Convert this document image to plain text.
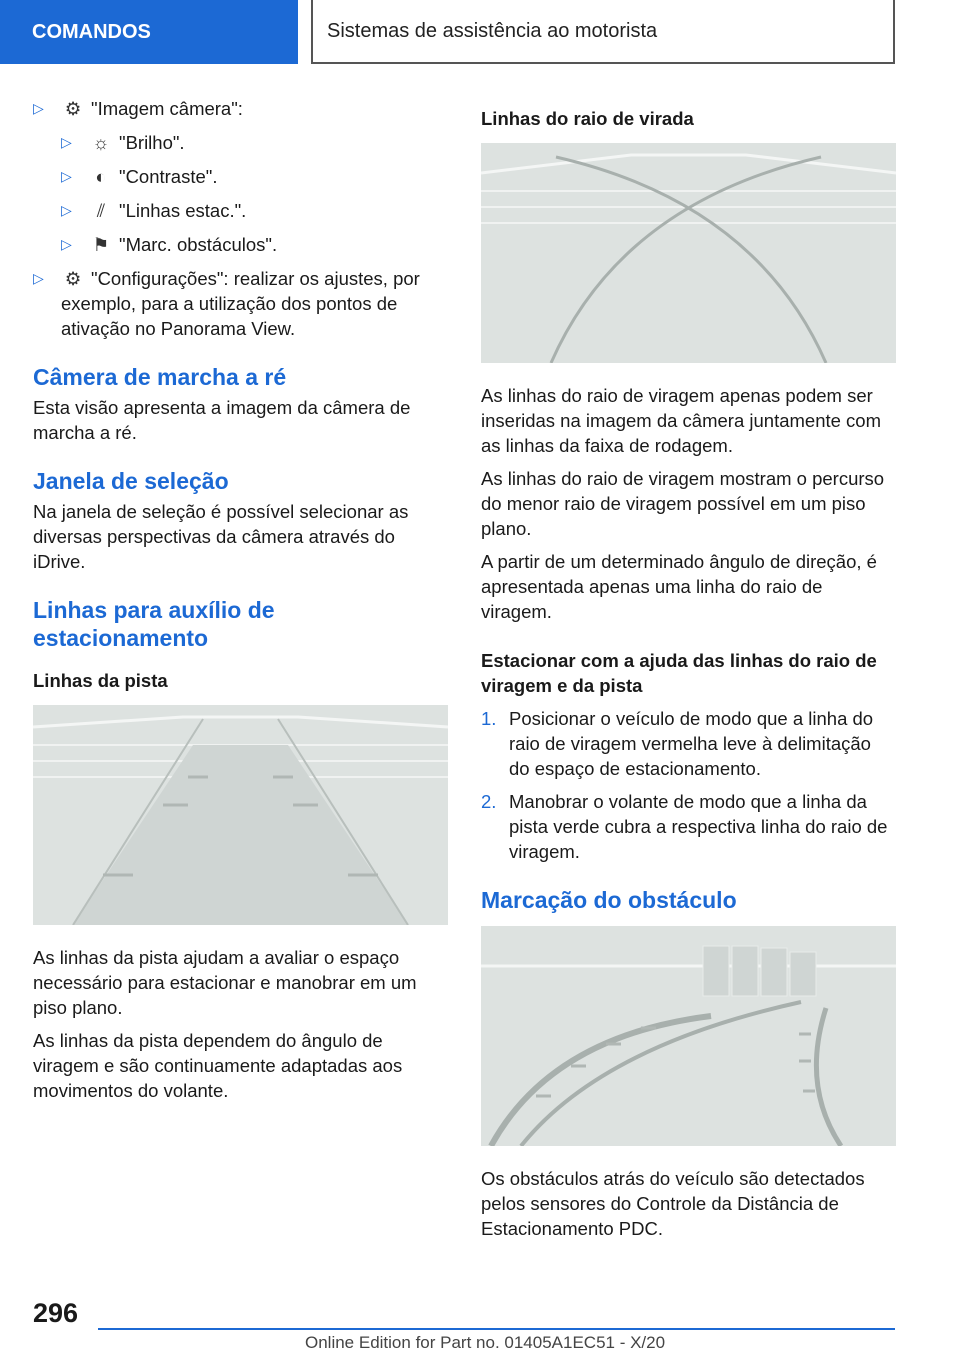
COMANDOS	Sistemas de assistência ao motorista
▷ ⚙ "Imagem câmera":
▷ ☼ "Brilho".
▷ ◐ "Contraste".
▷ ⫽ "Linhas estac.".
▷ ⚑ "Marc. obstáculos".
▷ ⚙ "Configurações": realizar os ajustes, por exemplo, para a utilização dos pontos de ativação no Panorama View.
Câmera de marcha a ré

Esta visão apresenta a imagem da câmera de marcha a ré.

Janela de seleção

Na janela de seleção é possível selecionar as diversas perspectivas da câmera através do iDrive.

Linhas para auxílio de estacionamento
Linhas da pista

As linhas da pista ajudam a avaliar o espaço necessário para estacionar e manobrar em um piso plano.

As linhas da pista dependem do ângulo de viragem e são continuamente adaptadas aos movimentos do volante.

Linhas do raio de virada

As linhas do raio de viragem apenas podem ser inseridas na imagem da câmera juntamente com as linhas da faixa de rodagem.

As linhas do raio de viragem mostram o percurso do menor raio de viragem possível em um piso plano.

A partir de um determinado ângulo de direção, é apresentada apenas uma linha do raio de viragem.

Estacionar com a ajuda das linhas do raio de viragem e da pista
1. Posicionar o veículo de modo que a linha do raio de viragem vermelha leve à delimitação do espaço de estacionamento.
2. Manobrar o volante de modo que a linha da pista verde cubra a respectiva linha do raio de viragem.
Marcação do obstáculo

Os obstáculos atrás do veículo são detectados pelos sensores do Controle da Distância de Estacionamento PDC.

296
Online Edition for Part no. 01405A1EC51 - X/20
